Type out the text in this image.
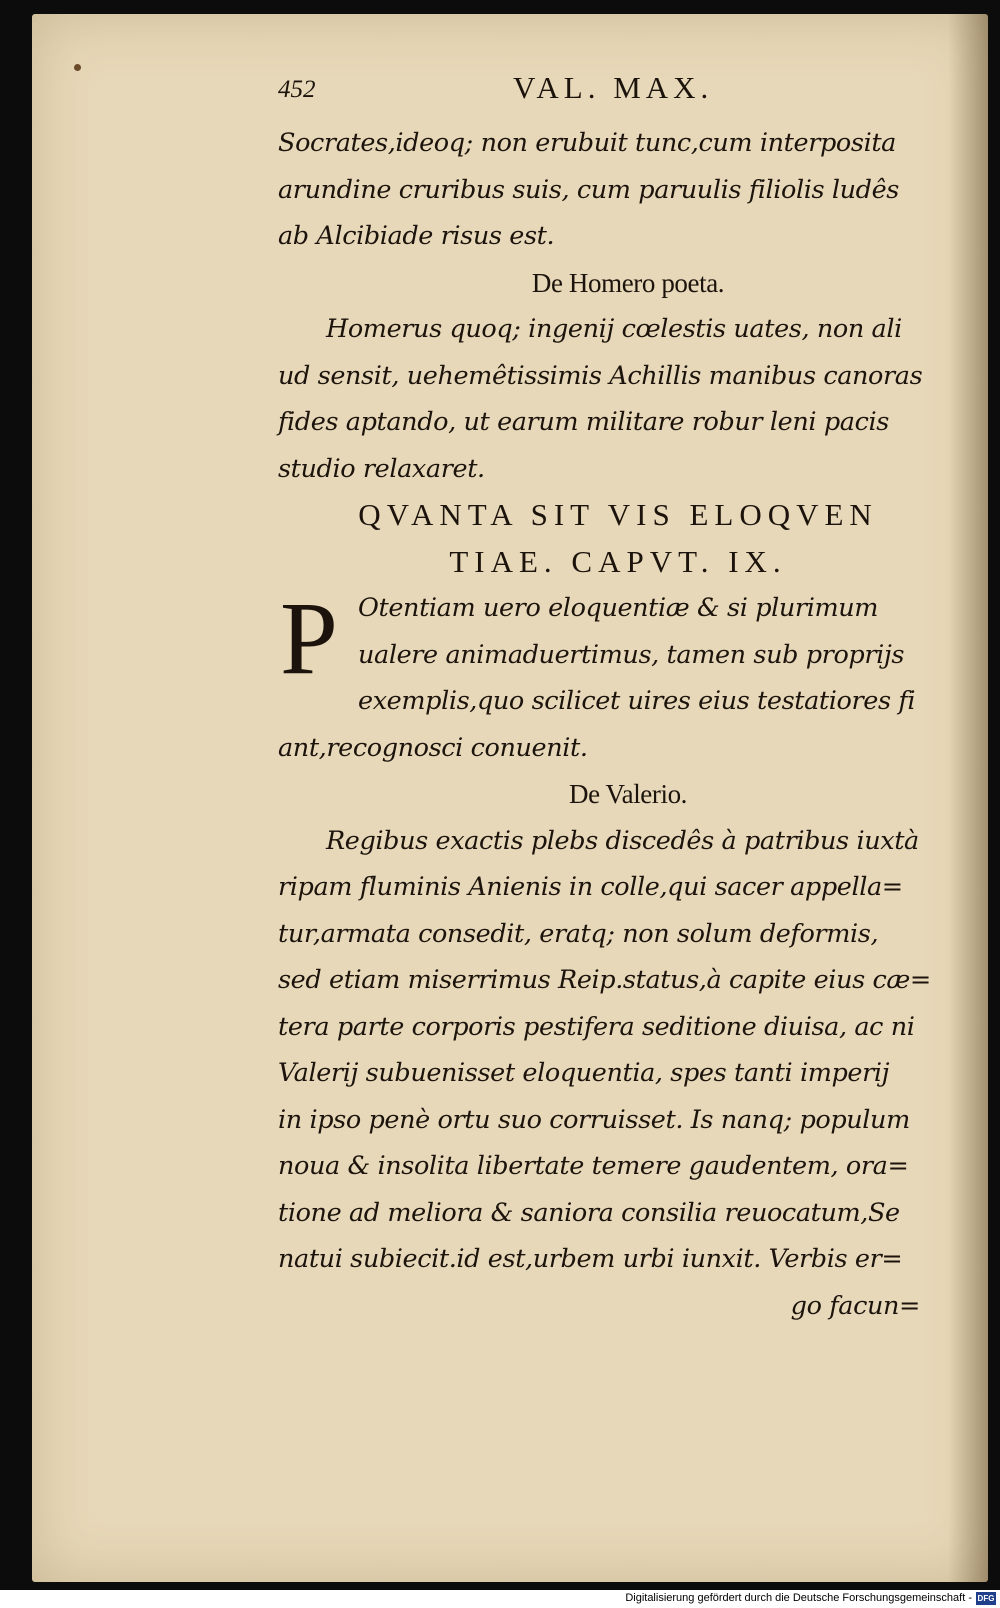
452	VAL. MAX.
Socrates,ideoq; non erubuit tunc,cum interposita
arundine cruribus suis, cum paruulis filiolis ludês
ab Alcibiade risus est.
De Homero poeta.
Homerus quoq; ingenij cœlestis uates, non ali
ud sensit, uehemêtissimis Achillis manibus canoras
fides aptando, ut earum militare robur leni pacis
studio relaxaret.
QVANTA SIT VIS ELOQVEN
TIAE. CAPVT. IX.
P Otentiam uero eloquentiæ & si plurimum
ualere animaduertimus, tamen sub proprijs
exemplis,quo scilicet uires eius testatiores fi
ant,recognosci conuenit.
De Valerio.
Regibus exactis plebs discedês à patribus iuxtà
ripam fluminis Anienis in colle,qui sacer appella=
tur,armata consedit, eratq; non solum deformis,
sed etiam miserrimus Reip.status,à capite eius cæ=
tera parte corporis pestifera seditione diuisa, ac ni
Valerij subuenisset eloquentia, spes tanti imperij
in ipso penè ortu suo corruisset. Is nanq; populum
noua & insolita libertate temere gaudentem, ora=
tione ad meliora & saniora consilia reuocatum,Se
natui subiecit.id est,urbem urbi iunxit. Verbis er=
go facun=
Digitalisierung gefördert durch die Deutsche Forschungsgemeinschaft - DFG
